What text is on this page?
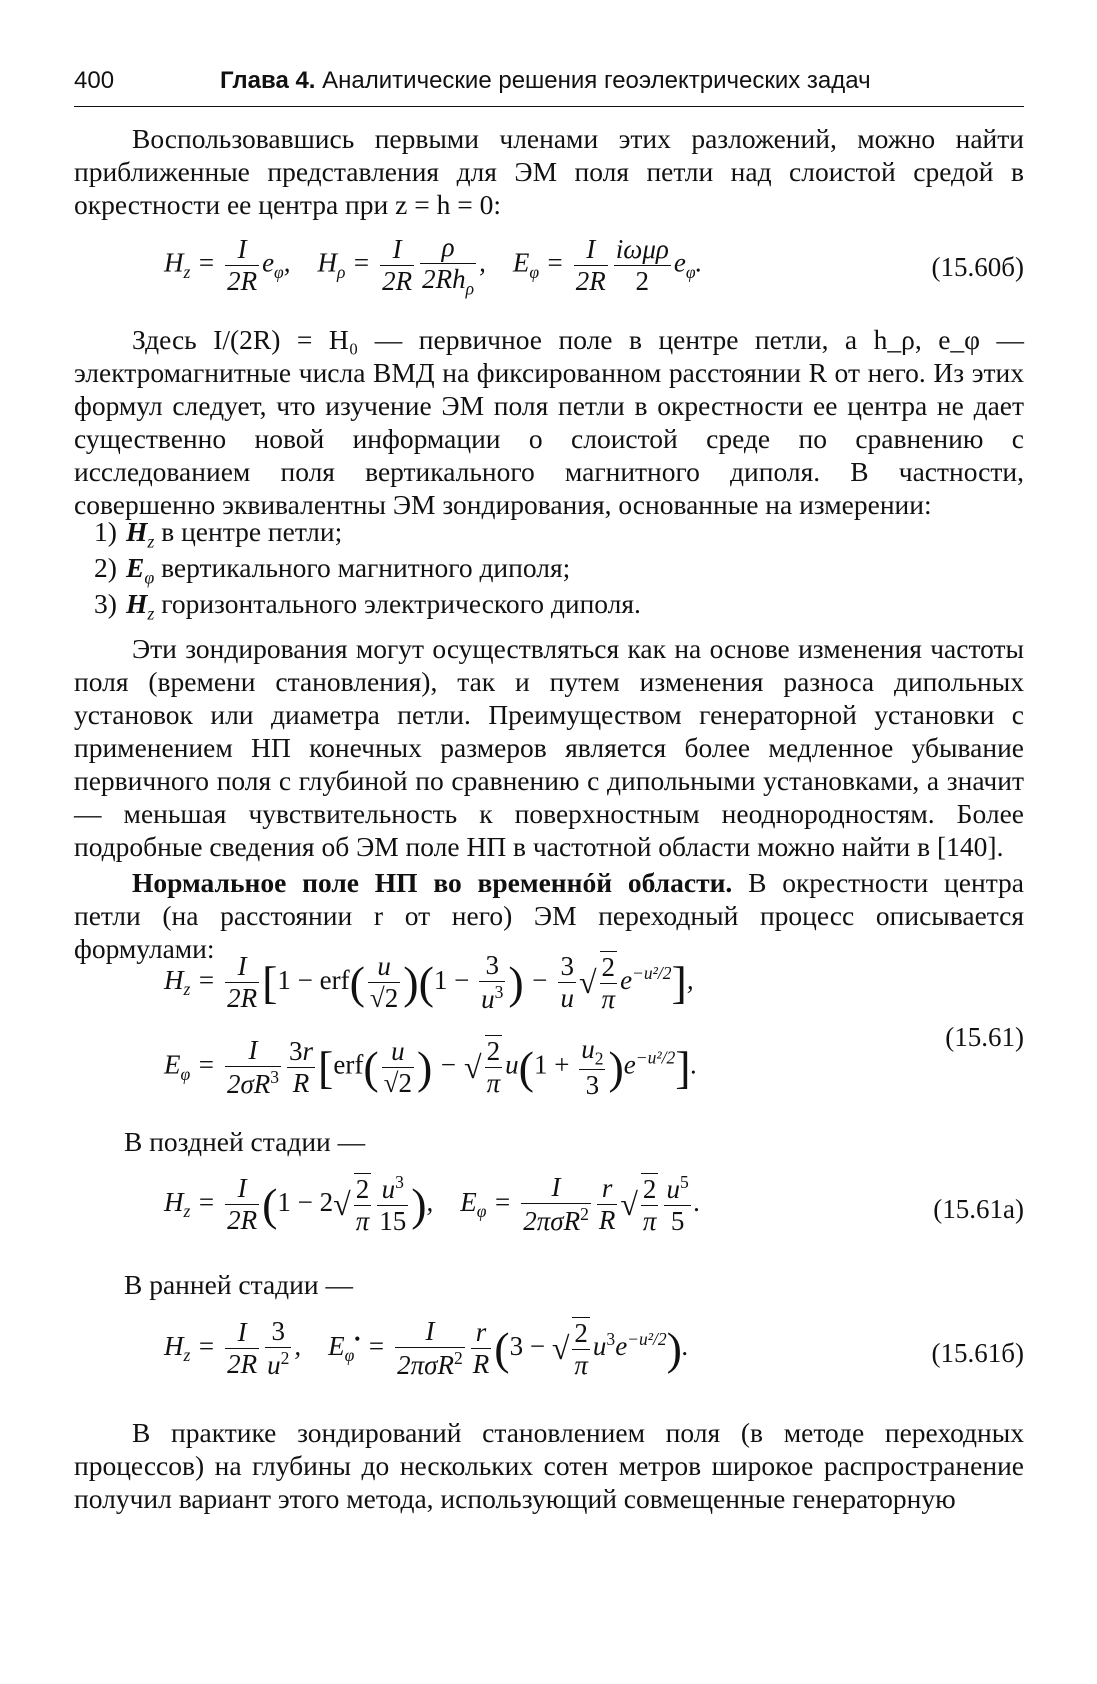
400	Глава 4. Аналитические решения геоэлектрических задач
Воспользовавшись первыми членами этих разложений, можно найти приближенные представления для ЭМ поля петли над слоистой средой в окрестности ее центра при z = h = 0:
$H_z = \frac{I}{2R} e_\varphi$,    $H_\rho = \frac{I}{2R} \frac{\rho}{2Rh_\rho}$ ,    $E_\varphi = \frac{I}{2R} \frac{\text{iωμρ}}{2} e_\varphi$.	(15.60б)
Здесь I/(2R) = H₀ — первичное поле в центре петли, а h_ρ, e_φ — электромагнитные числа ВМД на фиксированном расстоянии R от него. Из этих формул следует, что изучение ЭМ поля петли в окрестности ее центра не дает существенно новой информации о слоистой среде по сравнению с исследованием поля вертикального магнитного диполя. В частности, совершенно эквивалентны ЭМ зондирования, основанные на измерении:
1) $H_z$ в центре петли;
2) $E_\varphi$ вертикального магнитного диполя;
3) $H_z$ горизонтального электрического диполя.
Эти зондирования могут осуществляться как на основе изменения частоты поля (времени становления), так и путем изменения разноса дипольных установок или диаметра петли. Преимуществом генераторной установки с применением НП конечных размеров является более медленное убывание первичного поля с глубиной по сравнению с дипольными установками, а значит — меньшая чувствительность к поверхностным неоднородностям. Более подробные сведения об ЭМ поле НП в частотной области можно найти в [140].
Нормальное поле НП во временнóй области. В окрестности центра петли (на расстоянии r от него) ЭМ переходный процесс описывается формулами:
$H_z = \frac{I}{2R} [1 - erf( \frac{u}{√2} )(1 - \frac{3}{u^3}$ ) − $\frac{3}{u}$ √ $\frac{2}{\pi} e^{-u^2/2}$],
$E_\varphi = \frac{I}{2\sigma R^3} \frac{3r}{R} [erf( \frac{u}{√2}$ ) − √ $\frac{2}{\pi} u(1 + \frac{u_2}{3} )e^{-u^2/2}$].
(15.61)
В поздней стадии —
$H_z = \frac{I}{2R} (1 - 2√ \frac{2}{\pi} \frac{u^3}{15}$ ),    $E_\varphi = \frac{I}{2\pi\sigma R^2} \frac{r}{R}$ √ $\frac{2}{\pi} \frac{u^5}{5}$ .	(15.61а)
В ранней стадии —
$H_z = \frac{I}{2R} \frac{3}{u^2}$ ,    $E_\varphi^• = \frac{I}{2\pi\sigma R^2} \frac{r}{R} (3$ − √ $\frac{2}{\pi} u^3e^{-u^2/2}$).	(15.61б)
В практике зондирований становлением поля (в методе переходных процессов) на глубины до нескольких сотен метров широкое распространение получил вариант этого метода, использующий совмещенные генераторную
